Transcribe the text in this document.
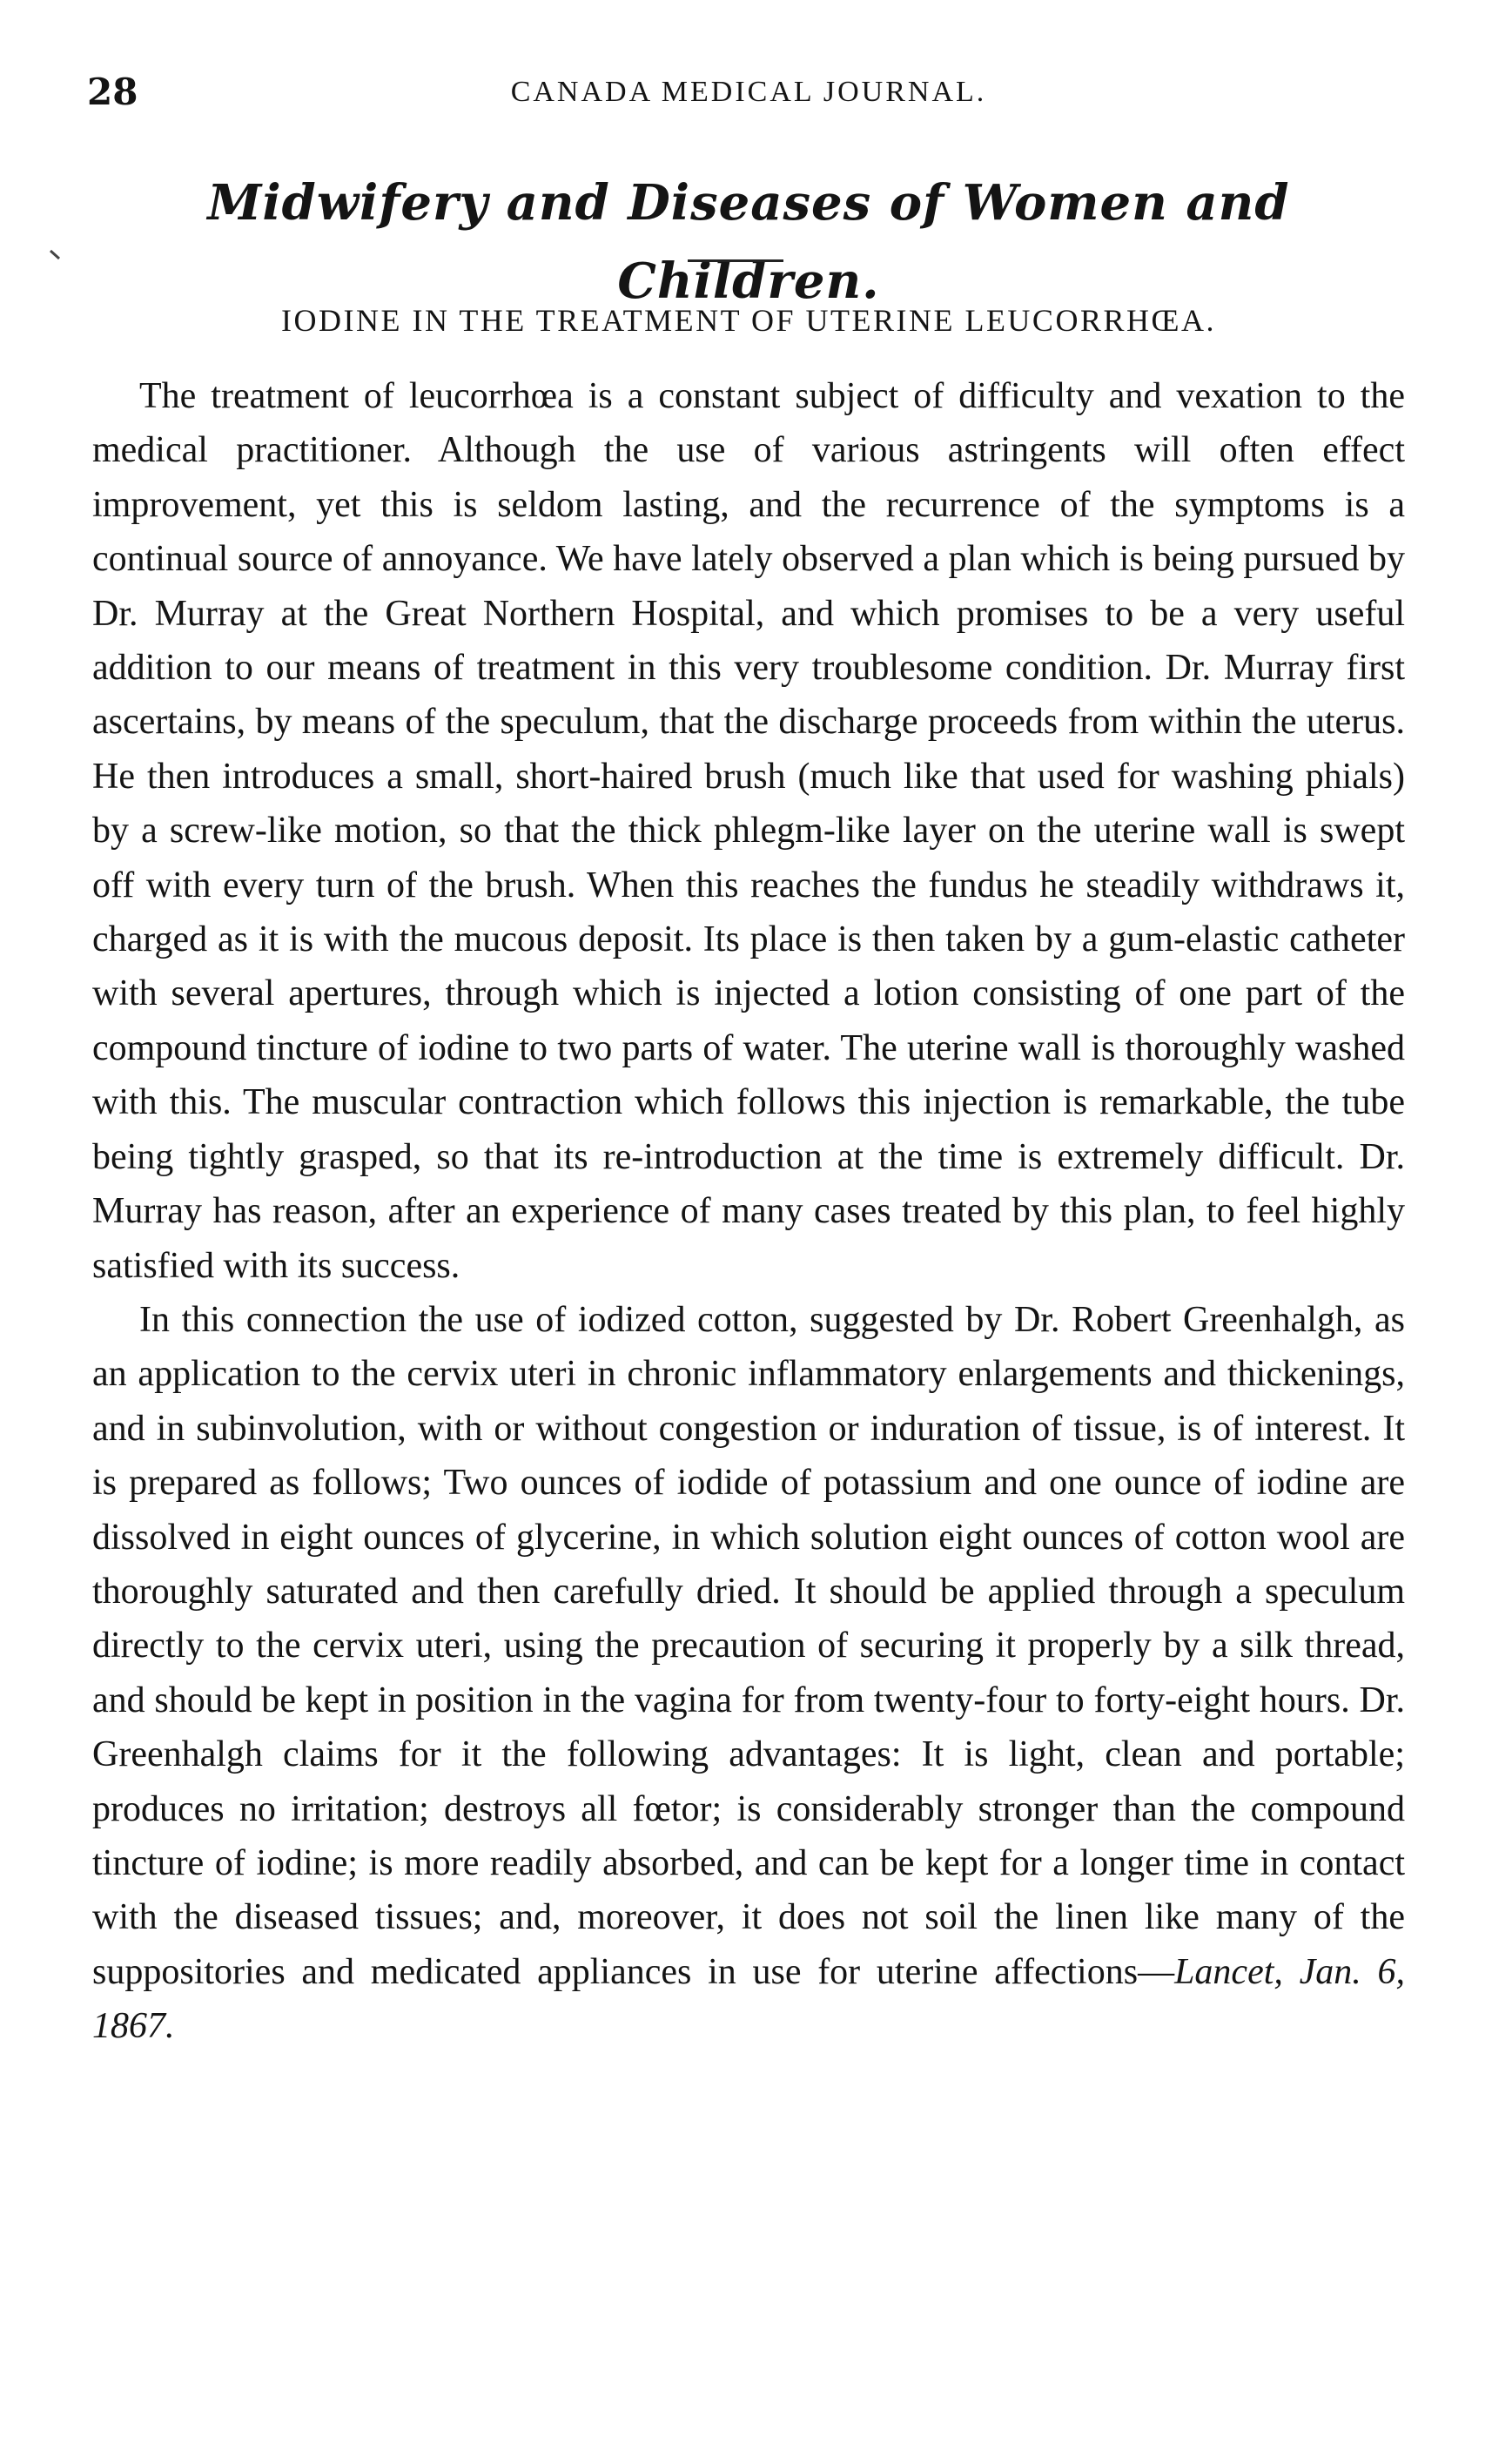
28	CANADA MEDICAL JOURNAL.
Midwifery and Diseases of Women and Children.
IODINE IN THE TREATMENT OF UTERINE LEUCORRHŒA.

The treatment of leucorrhœa is a constant subject of difficulty and vexation to the medical practitioner. Although the use of various astringents will often effect improvement, yet this is seldom lasting, and the recurrence of the symptoms is a continual source of annoyance. We have lately observed a plan which is being pursued by Dr. Murray at the Great Northern Hospital, and which promises to be a very useful addition to our means of treatment in this very troublesome condition. Dr. Murray first ascertains, by means of the speculum, that the discharge proceeds from within the uterus. He then introduces a small, short-haired brush (much like that used for washing phials) by a screw-like motion, so that the thick phlegm-like layer on the uterine wall is swept off with every turn of the brush. When this reaches the fundus he steadily withdraws it, charged as it is with the mucous deposit. Its place is then taken by a gum-elastic catheter with several apertures, through which is injected a lotion consisting of one part of the compound tincture of iodine to two parts of water. The uterine wall is thoroughly washed with this. The muscular contraction which follows this injection is remarkable, the tube being tightly grasped, so that its re-introduction at the time is extremely difficult. Dr. Murray has reason, after an experience of many cases treated by this plan, to feel highly satisfied with its success.

In this connection the use of iodized cotton, suggested by Dr. Robert Greenhalgh, as an application to the cervix uteri in chronic inflammatory enlargements and thickenings, and in subinvolution, with or without congestion or induration of tissue, is of interest. It is prepared as follows; Two ounces of iodide of potassium and one ounce of iodine are dissolved in eight ounces of glycerine, in which solution eight ounces of cotton wool are thoroughly saturated and then carefully dried. It should be applied through a speculum directly to the cervix uteri, using the precaution of securing it properly by a silk thread, and should be kept in position in the vagina for from twenty-four to forty-eight hours. Dr. Greenhalgh claims for it the following advantages: It is light, clean and portable; produces no irritation; destroys all fœtor; is considerably stronger than the compound tincture of iodine; is more readily absorbed, and can be kept for a longer time in contact with the diseased tissues; and, moreover, it does not soil the linen like many of the suppositories and medicated appliances in use for uterine affections—Lancet, Jan. 6, 1867.
